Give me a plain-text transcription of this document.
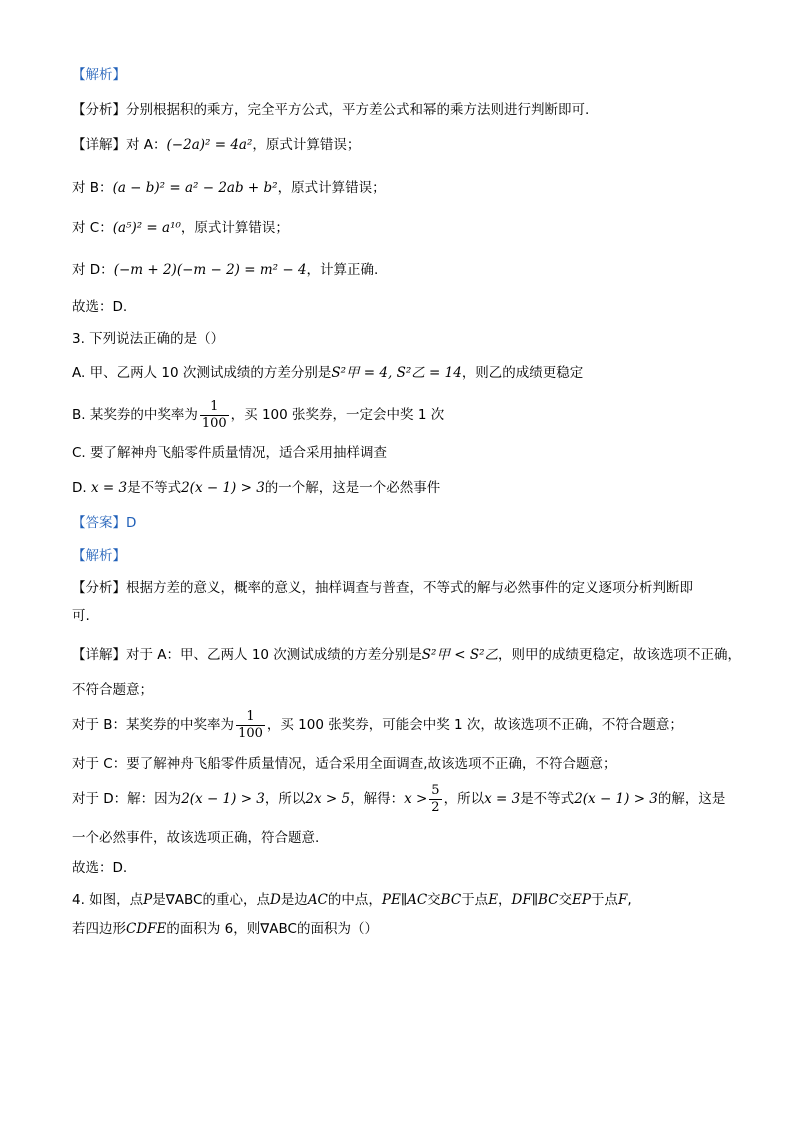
【解析】
【分析】分别根据积的乘方，完全平方公式，平方差公式和幂的乘方法则进行判断即可.
【详解】对 A：(−2a)² = 4a²，原式计算错误；
对 B：(a − b)² = a² − 2ab + b²，原式计算错误；
对 C：(a⁵)² = a¹⁰，原式计算错误；
对 D：(−m + 2)(−m − 2) = m² − 4，计算正确.
故选：D.
3. 下列说法正确的是（）
A. 甲、乙两人 10 次测试成绩的方差分别是S²甲 = 4, S²乙 = 14，则乙的成绩更稳定
B. 某奖券的中奖率为 $\frac{1}{100}$ ，买 100 张奖券，一定会中奖 1 次
C. 要了解神舟飞船零件质量情况，适合采用抽样调查
D. x = 3是不等式2(x − 1) > 3的一个解，这是一个必然事件
【答案】D
【解析】
【分析】根据方差的意义，概率的意义，抽样调查与普查，不等式的解与必然事件的定义逐项分析判断即
可.
【详解】对于 A：甲、乙两人 10 次测试成绩的方差分别是S²甲 < S²乙，则甲的成绩更稳定，故该选项不正确，
不符合题意；
对于 B：某奖券的中奖率为 $\frac{1}{100}$ ，买 100 张奖券，可能会中奖 1 次，故该选项不正确，不符合题意；
对于 C：要了解神舟飞船零件质量情况，适合采用全面调查,故该选项不正确，不符合题意；
对于 D：解：因为2(x − 1) > 3，所以2x > 5，解得：$x > \frac{5}{2}$ ，所以x = 3是不等式2(x − 1) > 3的解，这是
一个必然事件，故该选项正确，符合题意.
故选：D.
4. 如图，点P是∇ABC的重心，点D是边AC的中点，PE∥AC交BC于点E，DF∥BC交EP于点F,
若四边形CDFE的面积为 6，则∇ABC的面积为（）
